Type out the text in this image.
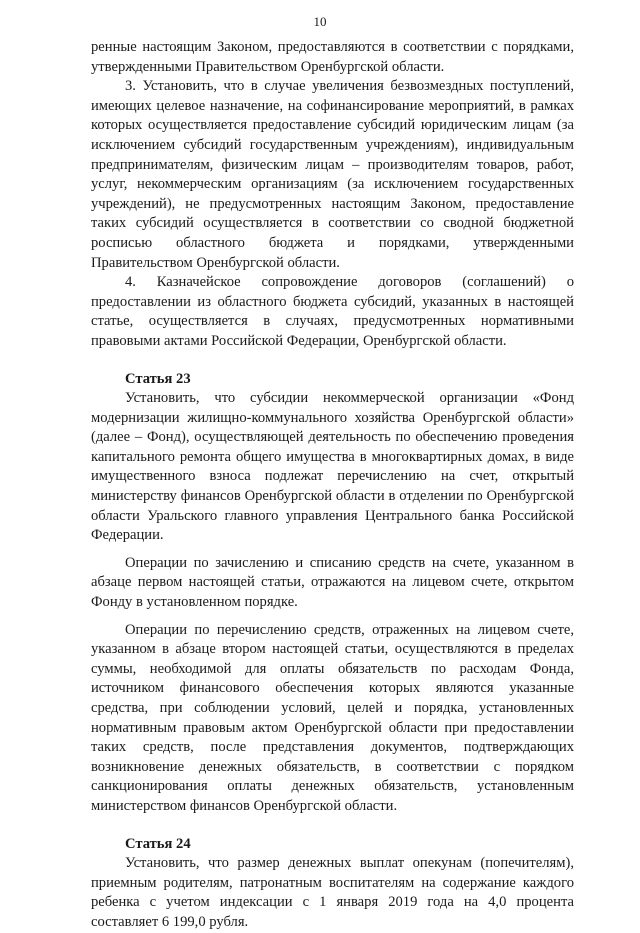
10

ренные настоящим Законом, предоставляются в соответствии с порядками, утвержденными Правительством Оренбургской области.

3. Установить, что в случае увеличения безвозмездных поступлений, имеющих целевое назначение, на софинансирование мероприятий, в рамках которых осуществляется предоставление субсидий юридическим лицам (за исключением субсидий государственным учреждениям), индивидуальным предпринимателям, физическим лицам – производителям товаров, работ, услуг, некоммерческим организациям (за исключением государственных учреждений), не предусмотренных настоящим Законом, предоставление таких субсидий осуществляется в соответствии со сводной бюджетной росписью областного бюджета и порядками, утвержденными Правительством Оренбургской области.

4. Казначейское сопровождение договоров (соглашений) о предоставлении из областного бюджета субсидий, указанных в настоящей статье, осуществляется в случаях, предусмотренных нормативными правовыми актами Российской Федерации, Оренбургской области.

Статья 23

Установить, что субсидии некоммерческой организации «Фонд модернизации жилищно-коммунального хозяйства Оренбургской области» (далее – Фонд), осуществляющей деятельность по обеспечению проведения капитального ремонта общего имущества в многоквартирных домах, в виде имущественного взноса подлежат перечислению на счет, открытый министерству финансов Оренбургской области в отделении по Оренбургской области Уральского главного управления Центрального банка Российской Федерации.

Операции по зачислению и списанию средств на счете, указанном в абзаце первом настоящей статьи, отражаются на лицевом счете, открытом Фонду в установленном порядке.

Операции по перечислению средств, отраженных на лицевом счете, указанном в абзаце втором настоящей статьи, осуществляются в пределах суммы, необходимой для оплаты обязательств по расходам Фонда, источником финансового обеспечения которых являются указанные средства, при соблюдении условий, целей и порядка, установленных нормативным правовым актом Оренбургской области при предоставлении таких средств, после представления документов, подтверждающих возникновение денежных обязательств, в соответствии с порядком санкционирования оплаты денежных обязательств, установленным министерством финансов Оренбургской области.

Статья 24

Установить, что размер денежных выплат опекунам (попечителям), приемным родителям, патронатным воспитателям на содержание каждого ребенка с учетом индексации с 1 января 2019 года на 4,0 процента составляет 6 199,0 рубля.
